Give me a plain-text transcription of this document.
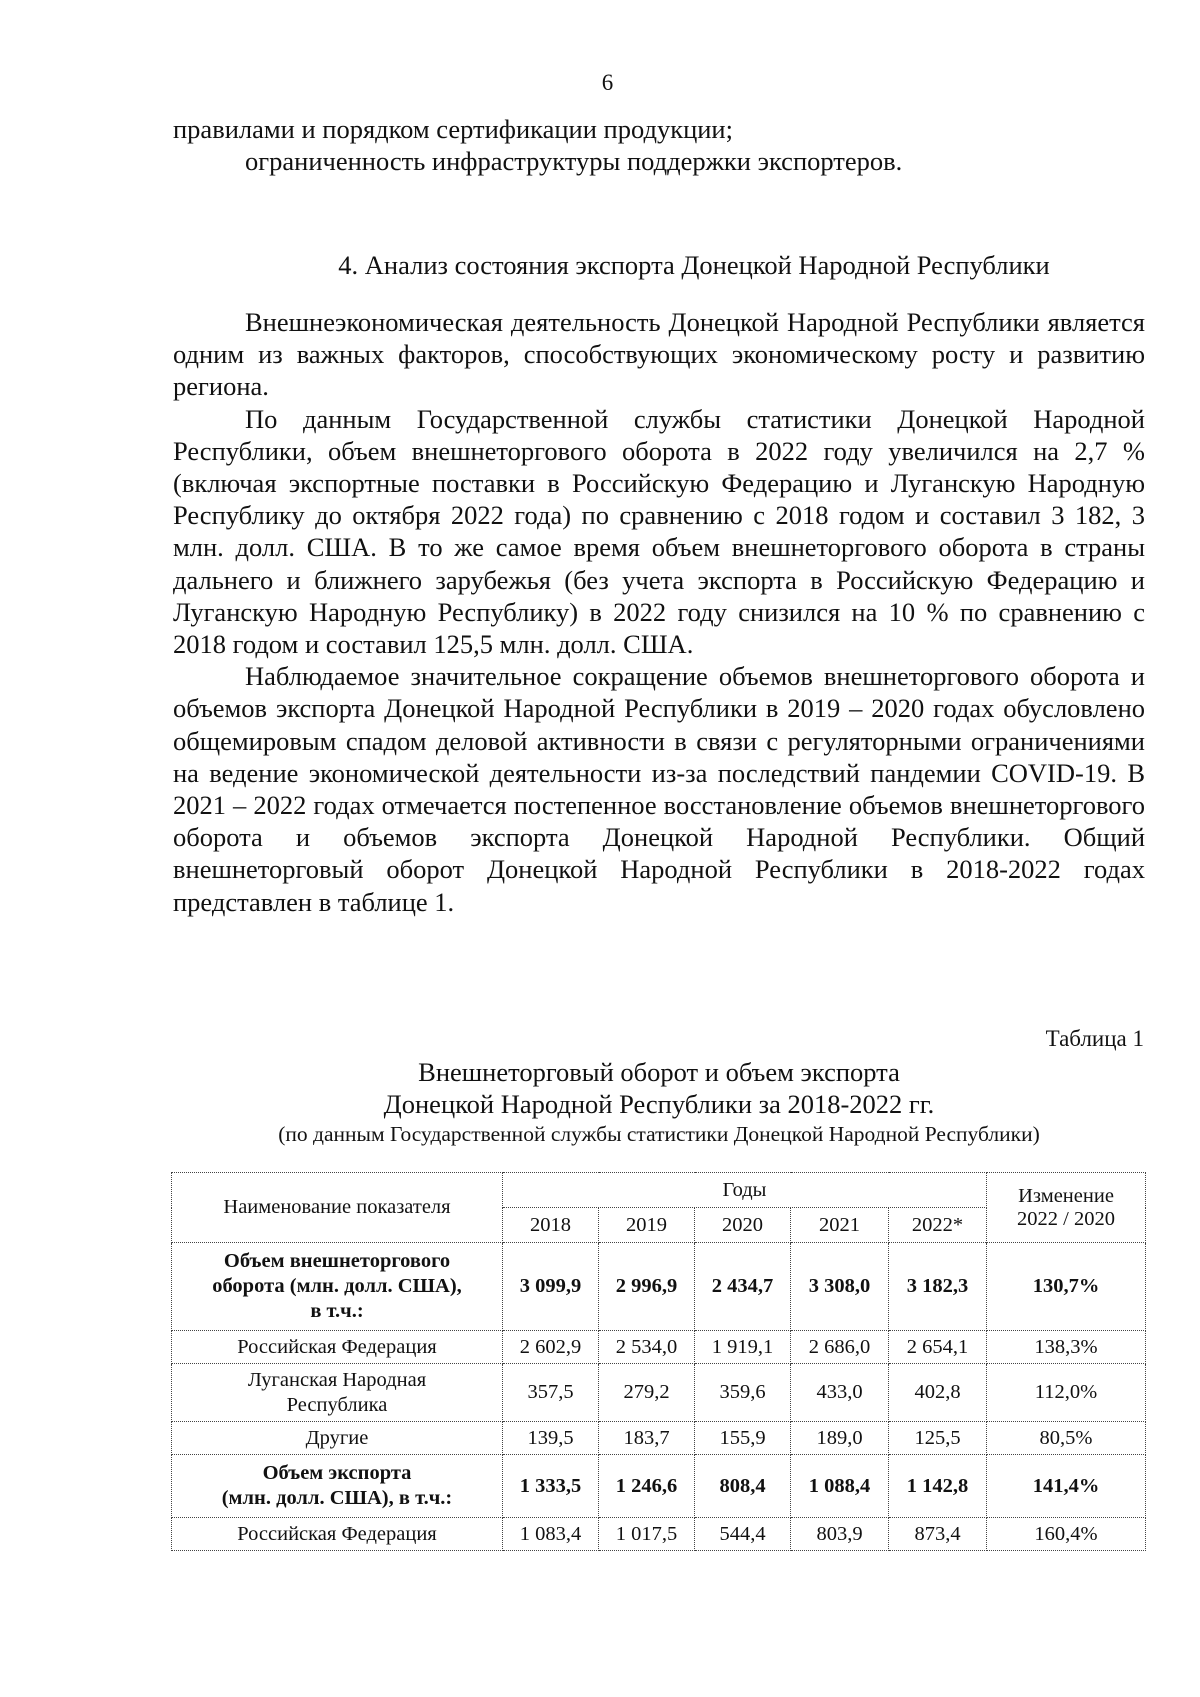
6

правилами и порядком сертификации продукции;

ограниченность инфраструктуры поддержки экспортеров.

4. Анализ состояния экспорта Донецкой Народной Республики

Внешнеэкономическая деятельность Донецкой Народной Республики является одним из важных факторов, способствующих экономическому росту и развитию региона.

По данным Государственной службы статистики Донецкой Народной Республики, объем внешнеторгового оборота в 2022 году увеличился на 2,7 % (включая экспортные поставки в Российскую Федерацию и Луганскую Народную Республику до октября 2022 года) по сравнению с 2018 годом и составил 3 182, 3 млн. долл. США. В то же самое время объем внешнеторгового оборота в страны дальнего и ближнего зарубежья (без учета экспорта в Российскую Федерацию и Луганскую Народную Республику) в 2022 году снизился на 10 % по сравнению с 2018 годом и составил 125,5 млн. долл. США.

Наблюдаемое значительное сокращение объемов внешнеторгового оборота и объемов экспорта Донецкой Народной Республики в 2019 – 2020 годах обусловлено общемировым спадом деловой активности в связи с регуляторными ограничениями на ведение экономической деятельности из-за последствий пандемии COVID-19. В 2021 – 2022 годах отмечается постепенное восстановление объемов внешнеторгового оборота и объемов экспорта Донецкой Народной Республики. Общий внешнеторговый оборот Донецкой Народной Республики в 2018-2022 годах представлен в таблице 1.

Таблица 1
Внешнеторговый оборот и объем экспорта
Донецкой Народной Республики за 2018-2022 гг.
(по данным Государственной службы статистики Донецкой Народной Республики)
Наименование показателя	Годы					Изменение
2022 / 2020

	2018	2019	2020	2021	2022*	

Объем внешнеторгового
оборота (млн. долл. США),
в т.ч.:	3 099,9	2 996,9	2 434,7	3 308,0	3 182,3	130,7%

Российская Федерация	2 602,9	2 534,0	1 919,1	2 686,0	2 654,1	138,3%

Луганская Народная
Республика	357,5	279,2	359,6	433,0	402,8	112,0%

Другие	139,5	183,7	155,9	189,0	125,5	80,5%

Объем экспорта
(млн. долл. США), в т.ч.:	1 333,5	1 246,6	808,4	1 088,4	1 142,8	141,4%

Российская Федерация	1 083,4	1 017,5	544,4	803,9	873,4	160,4%
